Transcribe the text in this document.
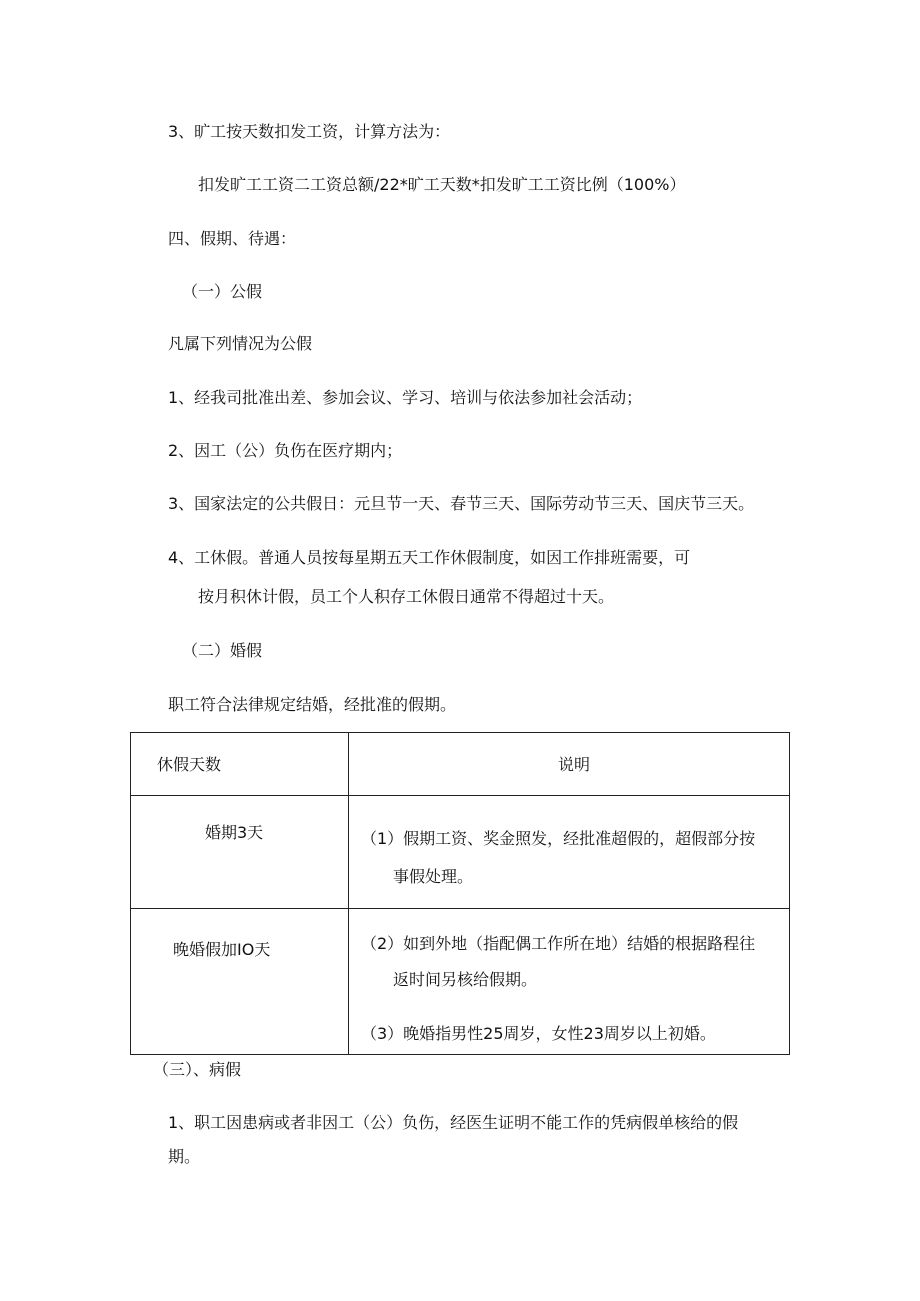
3、旷工按天数扣发工资，计算方法为：
扣发旷工工资二工资总额/22*旷工天数*扣发旷工工资比例（100%）
四、假期、待遇：
（一）公假
凡属下列情况为公假
1、经我司批准出差、参加会议、学习、培训与依法参加社会活动；
2、因工（公）负伤在医疗期内；
3、国家法定的公共假日：元旦节一天、春节三天、国际劳动节三天、国庆节三天。
4、工休假。普通人员按每星期五天工作休假制度，如因工作排班需要，可
按月积休计假，员工个人积存工休假日通常不得超过十天。
（二）婚假
职工符合法律规定结婚，经批准的假期。
休假天数	说明
婚期3天	（1）假期工资、奖金照发，经批准超假的，超假部分按
事假处理。
晚婚假加IO天	（2）如到外地（指配偶工作所在地）结婚的根据路程往
返时间另核给假期。
（3）晚婚指男性25周岁，女性23周岁以上初婚。
（三）、病假
1、职工因患病或者非因工（公）负伤，经医生证明不能工作的凭病假单核给的假
期。
